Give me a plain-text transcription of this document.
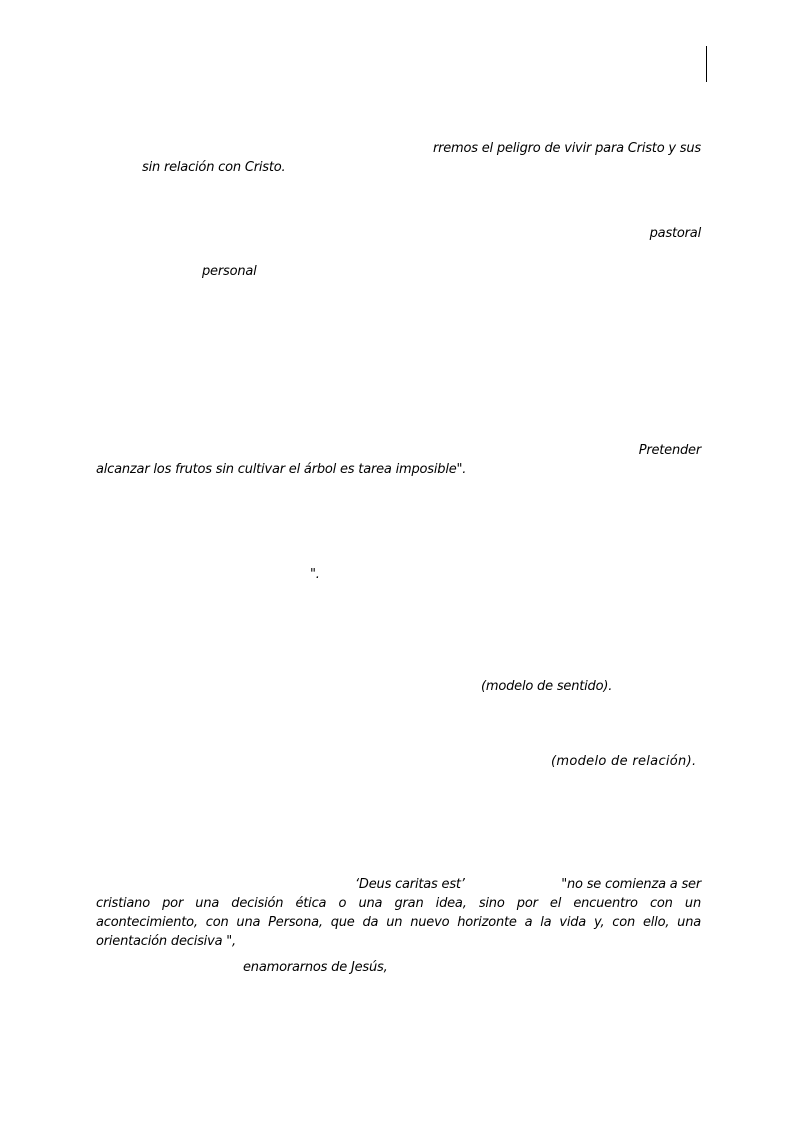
rremos el peligro de vivir para Cristo y sus
sin relación con Cristo.
pastoral
personal
Pretender
alcanzar los frutos sin cultivar el árbol es tarea imposible".
".
(modelo de sentido).
(modelo de relación).
‘Deus caritas est’	"no se comienza a ser
cristiano por una decisión ética o una gran idea, sino por el encuentro con un
acontecimiento, con una Persona, que da un nuevo horizonte a la vida y, con ello, una
orientación decisiva ",
enamorarnos de Jesús,
